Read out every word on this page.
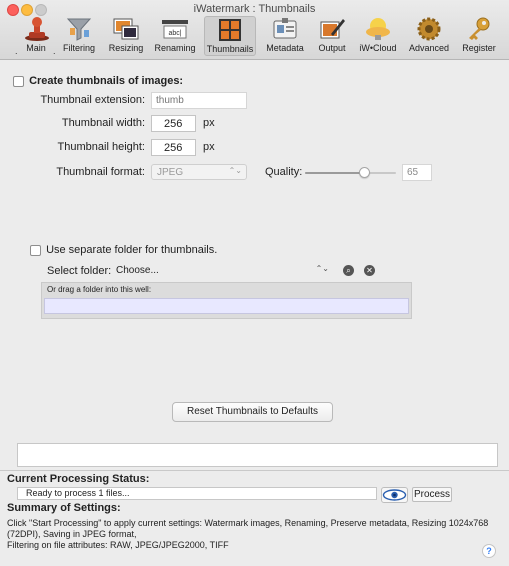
iWatermark : Thumbnails
. Main . Filtering	Resizing
abc|
Renaming Thumbnails Metadata	Output	iW•Cloud Advanced Register
Create thumbnails of images:
Thumbnail extension:
thumb
Thumbnail width:	256	px
Thumbnail height:	256	px
Thumbnail format:	JPEG	⌃⌄ Quality:	65
Use separate folder for thumbnails.
Select folder: Choose...	⌃⌄	⌕	✕
Or drag a folder into this well:
Reset Thumbnails to Defaults
Current Processing Status:
Ready to process 1 files...	Process
Summary of Settings:
Click "Start Processing" to apply current settings: Watermark images, Renaming, Preserve metadata, Resizing 1024x768 (72DPI), Saving in JPEG format,
Filtering on file attributes: RAW, JPEG/JPEG2000, TIFF
?
